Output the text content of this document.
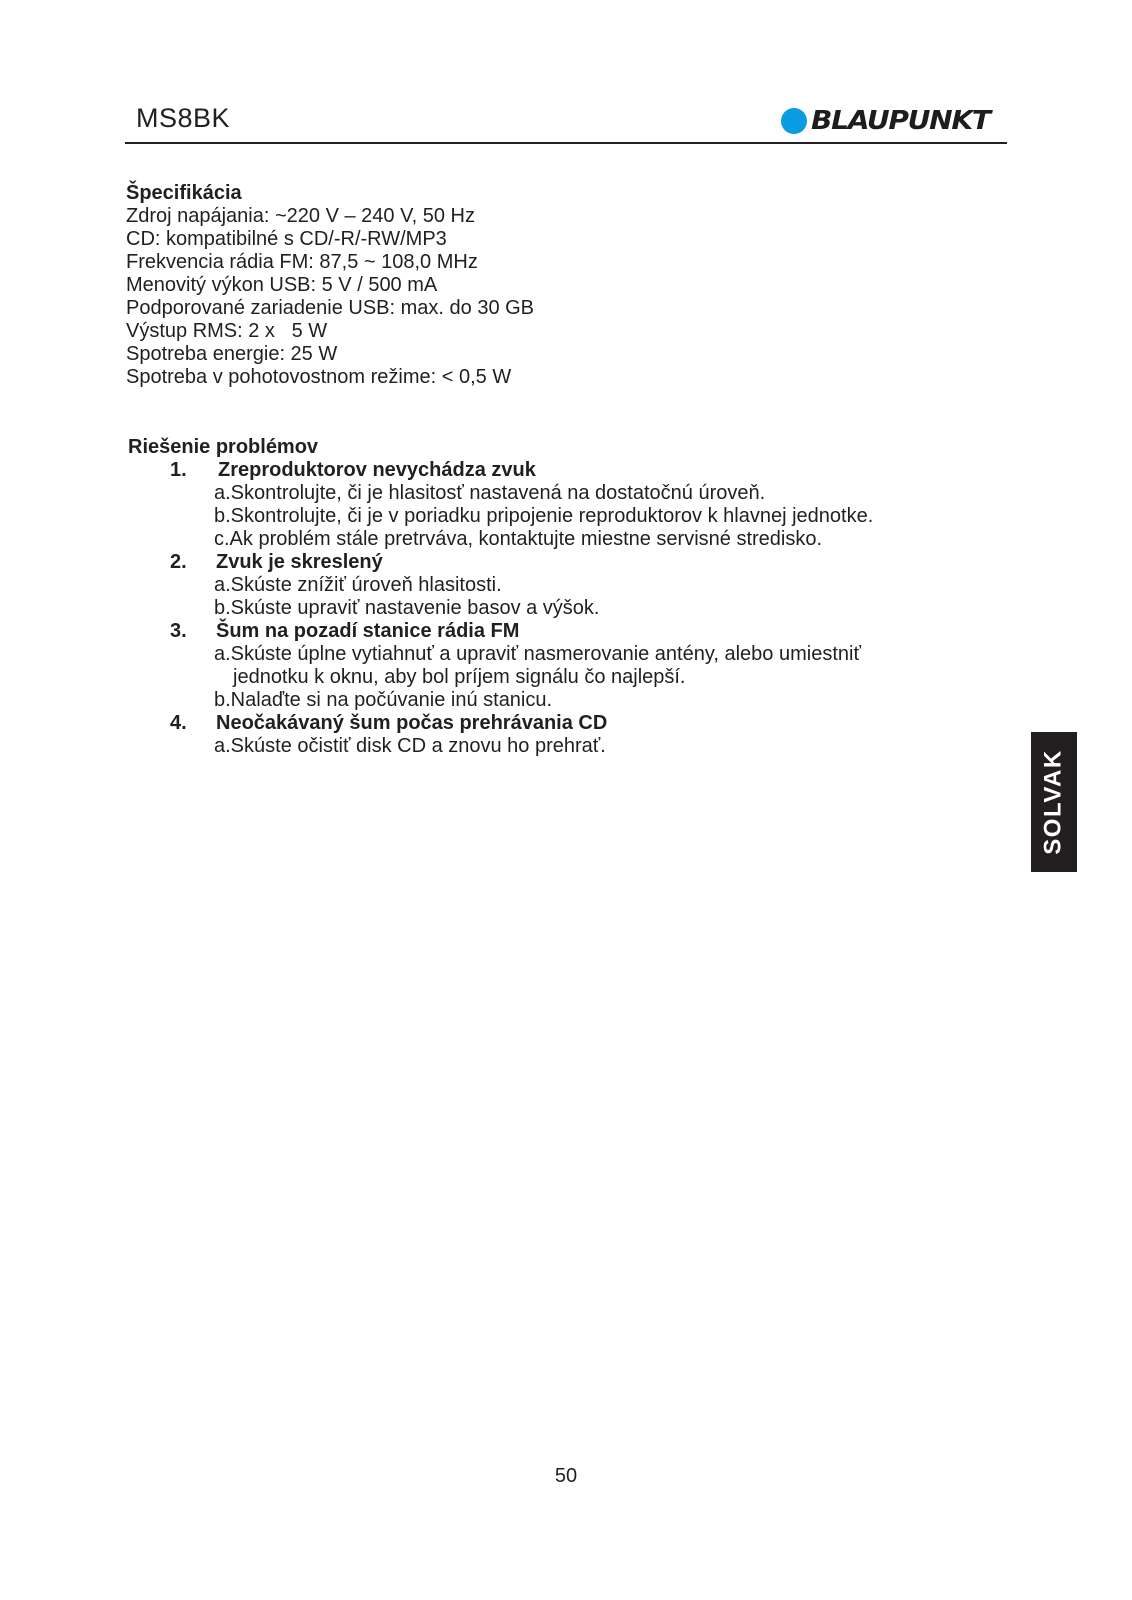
MS8BK	BLAUPUNKT
Špecifikácia
Zdroj napájania: ~220 V – 240 V, 50 Hz
CD: kompatibilné s CD/-R/-RW/MP3
Frekvencia rádia FM: 87,5 ~ 108,0 MHz
Menovitý výkon USB: 5 V / 500 mA
Podporované zariadenie USB: max. do 30 GB
Výstup RMS: 2 x   5 W
Spotreba energie: 25 W
Spotreba v pohotovostnom režime: < 0,5 W
Riešenie problémov
1.	Zreproduktorov nevychádza zvuk
a.Skontrolujte, či je hlasitosť nastavená na dostatočnú úroveň.
b.Skontrolujte, či je v poriadku pripojenie reproduktorov k hlavnej jednotke.
c.Ak problém stále pretrváva, kontaktujte miestne servisné stredisko.
2.	Zvuk je skreslený
a.Skúste znížiť úroveň hlasitosti.
b.Skúste upraviť nastavenie basov a výšok.
3.	Šum na pozadí stanice rádia FM
a.Skúste úplne vytiahnuť a upraviť nasmerovanie antény, alebo umiestniť
jednotku k oknu, aby bol príjem signálu čo najlepší.
b.Nalaďte si na počúvanie inú stanicu.
4.	Neočakávaný šum počas prehrávania CD
a.Skúste očistiť disk CD a znovu ho prehrať.
SOLVAK
50
